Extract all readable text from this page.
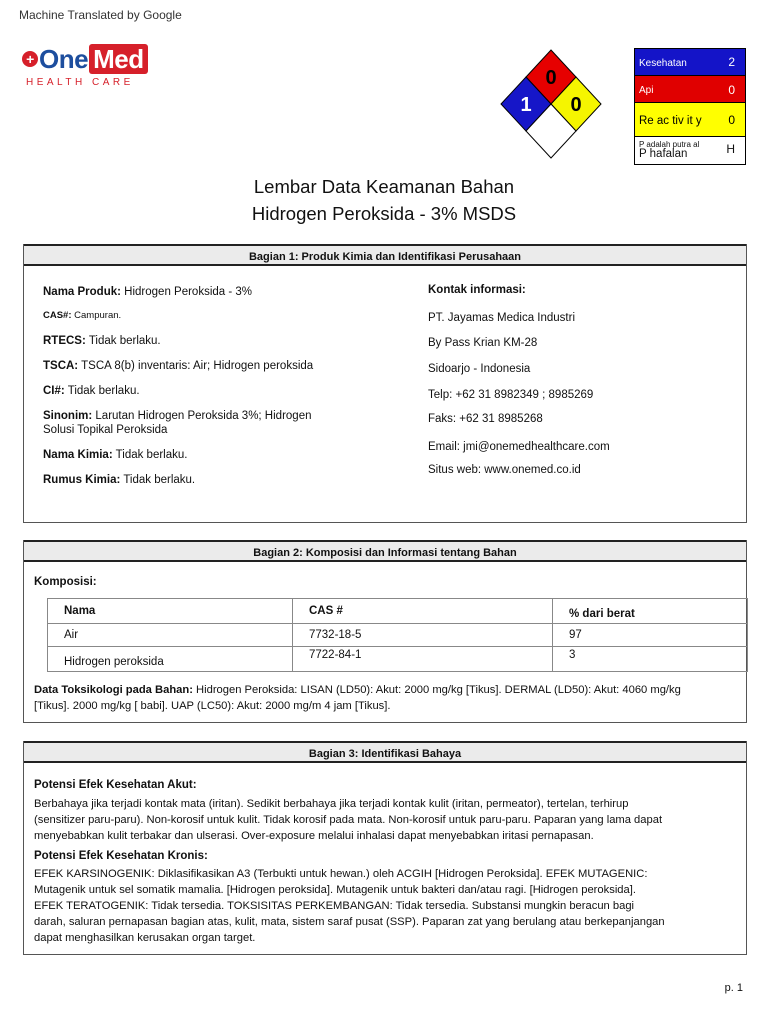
Machine Translated by Google
+ One Med
HEALTH CARE	0
1 0
Kesehatan	2
Api	0
Re ac tiv it y 0
P adalah putra al
P hafalan	H
Lembar Data Keamanan Bahan
Hidrogen Peroksida - 3% MSDS
Bagian 1: Produk Kimia dan Identifikasi Perusahaan
Nama Produk: Hidrogen Peroksida - 3%
CAS#: Campuran.
RTECS: Tidak berlaku.
TSCA: TSCA 8(b) inventaris: Air; Hidrogen peroksida
CI#: Tidak berlaku.
Sinonim: Larutan Hidrogen Peroksida 3%; Hidrogen
Solusi Topikal Peroksida
Nama Kimia: Tidak berlaku.
Rumus Kimia: Tidak berlaku.
Kontak informasi:
PT. Jayamas Medica Industri
By Pass Krian KM-28
Sidoarjo - Indonesia
Telp: +62 31 8982349 ; 8985269
Faks: +62 31 8985268
Email: jmi@onemedhealthcare.com
Situs web: www.onemed.co.id
Bagian 2: Komposisi dan Informasi tentang Bahan
Komposisi:
Nama	CAS #	% dari berat
Air	7732-18-5	97
Hidrogen peroksida	7722-84-1	3
Data Toksikologi pada Bahan: Hidrogen Peroksida: LISAN (LD50): Akut: 2000 mg/kg [Tikus]. DERMAL (LD50): Akut: 4060 mg/kg
[Tikus]. 2000 mg/kg [ babi]. UAP (LC50): Akut: 2000 mg/m 4 jam [Tikus].
Bagian 3: Identifikasi Bahaya
Potensi Efek Kesehatan Akut:
Berbahaya jika terjadi kontak mata (iritan). Sedikit berbahaya jika terjadi kontak kulit (iritan, permeator), tertelan, terhirup
(sensitizer paru-paru). Non-korosif untuk kulit. Tidak korosif pada mata. Non-korosif untuk paru-paru. Paparan yang lama dapat
menyebabkan kulit terbakar dan ulserasi. Over-exposure melalui inhalasi dapat menyebabkan iritasi pernapasan.
Potensi Efek Kesehatan Kronis:
EFEK KARSINOGENIK: Diklasifikasikan A3 (Terbukti untuk hewan.) oleh ACGIH [Hidrogen Peroksida]. EFEK MUTAGENIC:
Mutagenik untuk sel somatik mamalia. [Hidrogen peroksida]. Mutagenik untuk bakteri dan/atau ragi. [Hidrogen peroksida].
EFEK TERATOGENIK: Tidak tersedia. TOKSISITAS PERKEMBANGAN: Tidak tersedia. Substansi mungkin beracun bagi
darah, saluran pernapasan bagian atas, kulit, mata, sistem saraf pusat (SSP). Paparan zat yang berulang atau berkepanjangan
dapat menghasilkan kerusakan organ target.
p. 1
